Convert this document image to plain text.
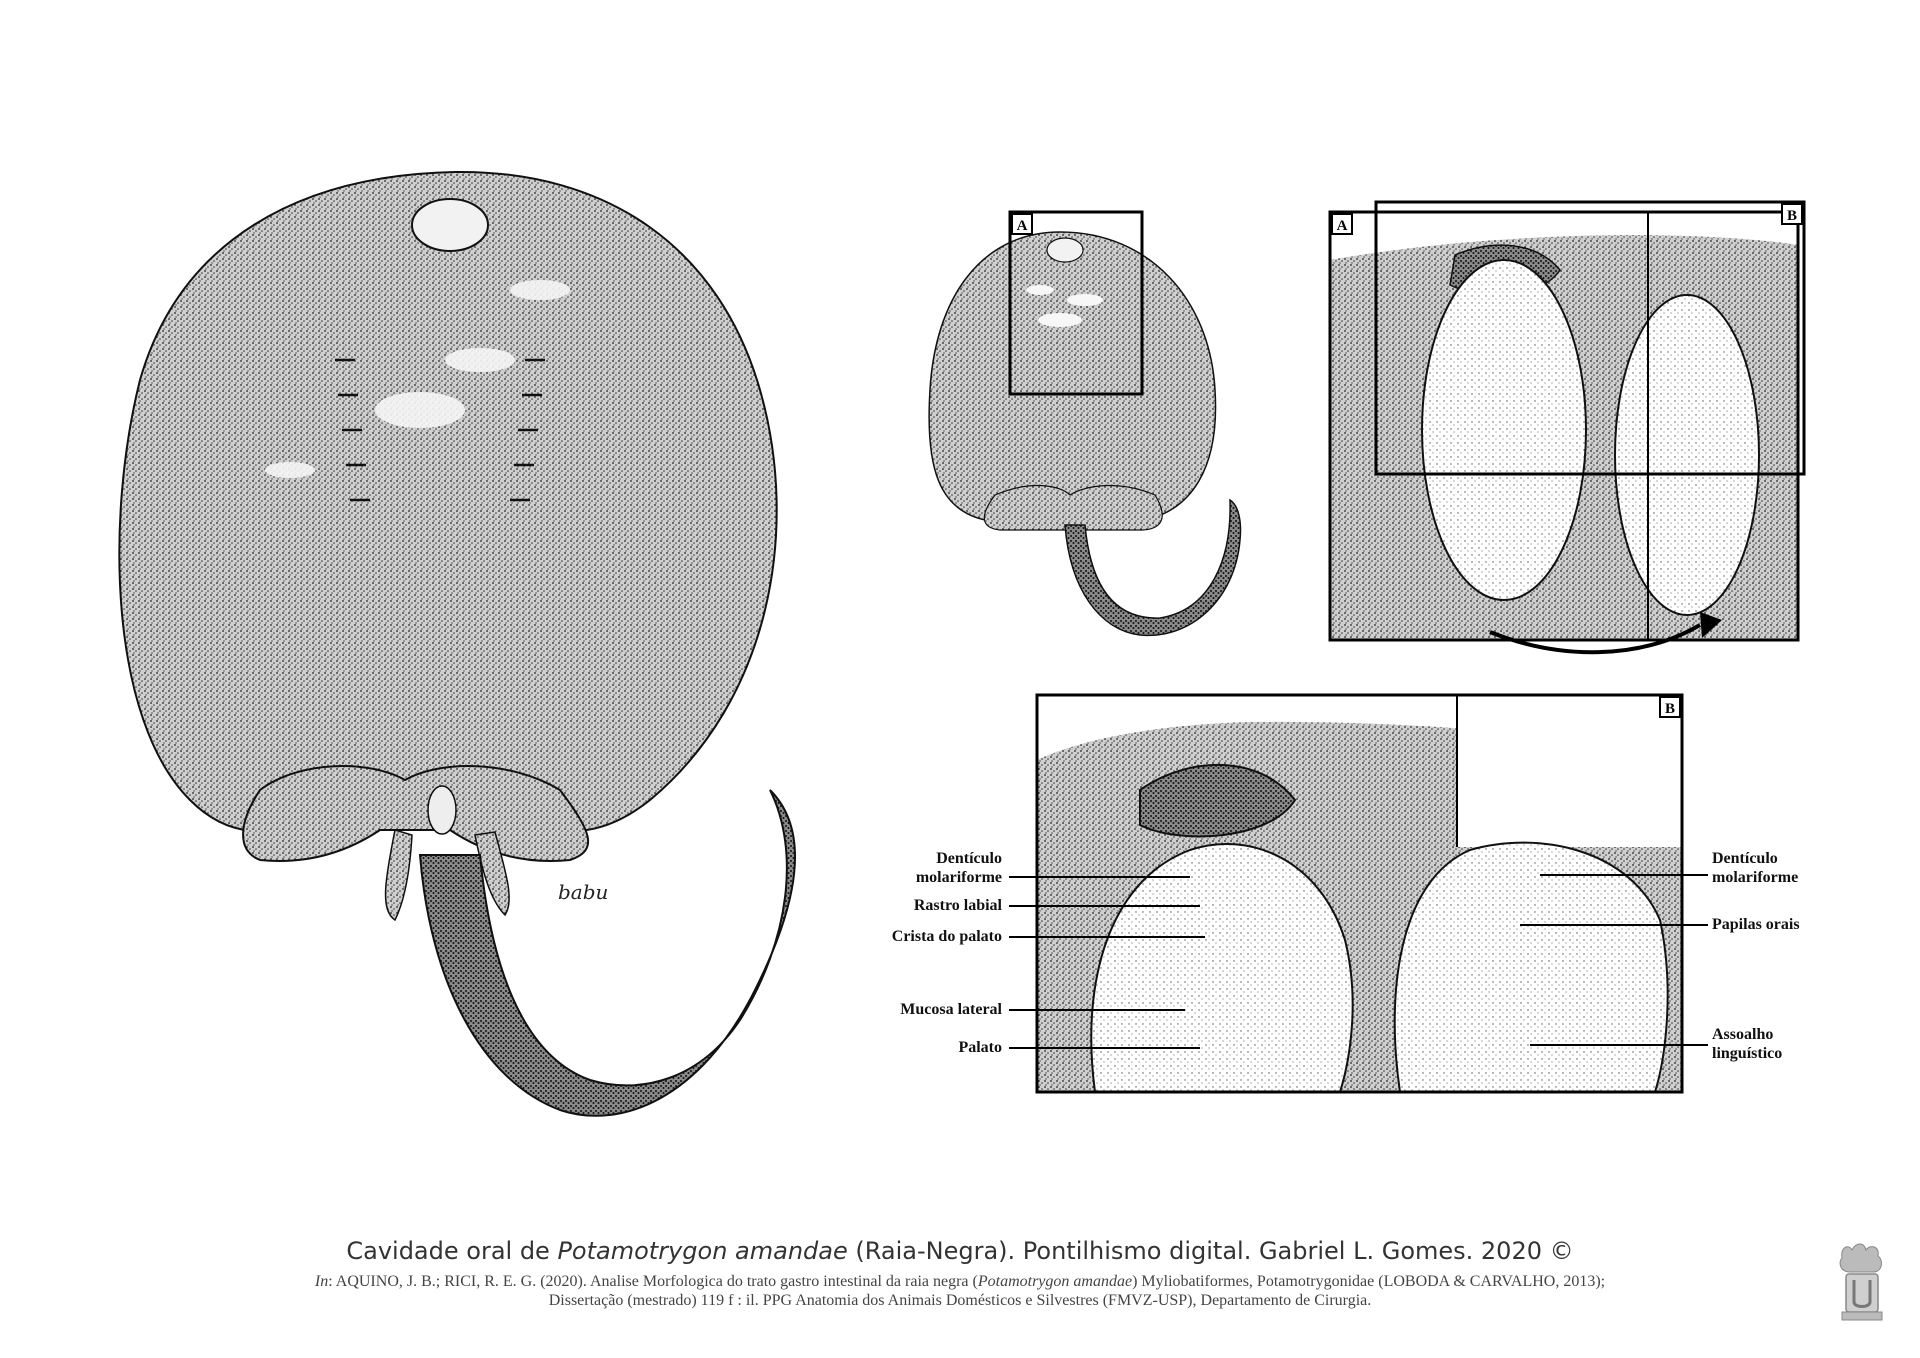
A	A
B
B
babu
Dentículo
molariforme
Rastro labial
Crista do palato
Mucosa lateral
Palato
Dentículo
molariforme
Papilas orais
Assoalho
linguístico
Cavidade oral de Potamotrygon amandae (Raia-Negra). Pontilhismo digital. Gabriel L. Gomes. 2020 ©
In: AQUINO, J. B.; RICI, R. E. G. (2020). Analise Morfologica do trato gastro intestinal da raia negra (Potamotrygon amandae) Myliobatiformes, Potamotrygonidae (LOBODA & CARVALHO, 2013);
Dissertação (mestrado) 119 f : il. PPG Anatomia dos Animais Domésticos e Silvestres (FMVZ-USP), Departamento de Cirurgia.
